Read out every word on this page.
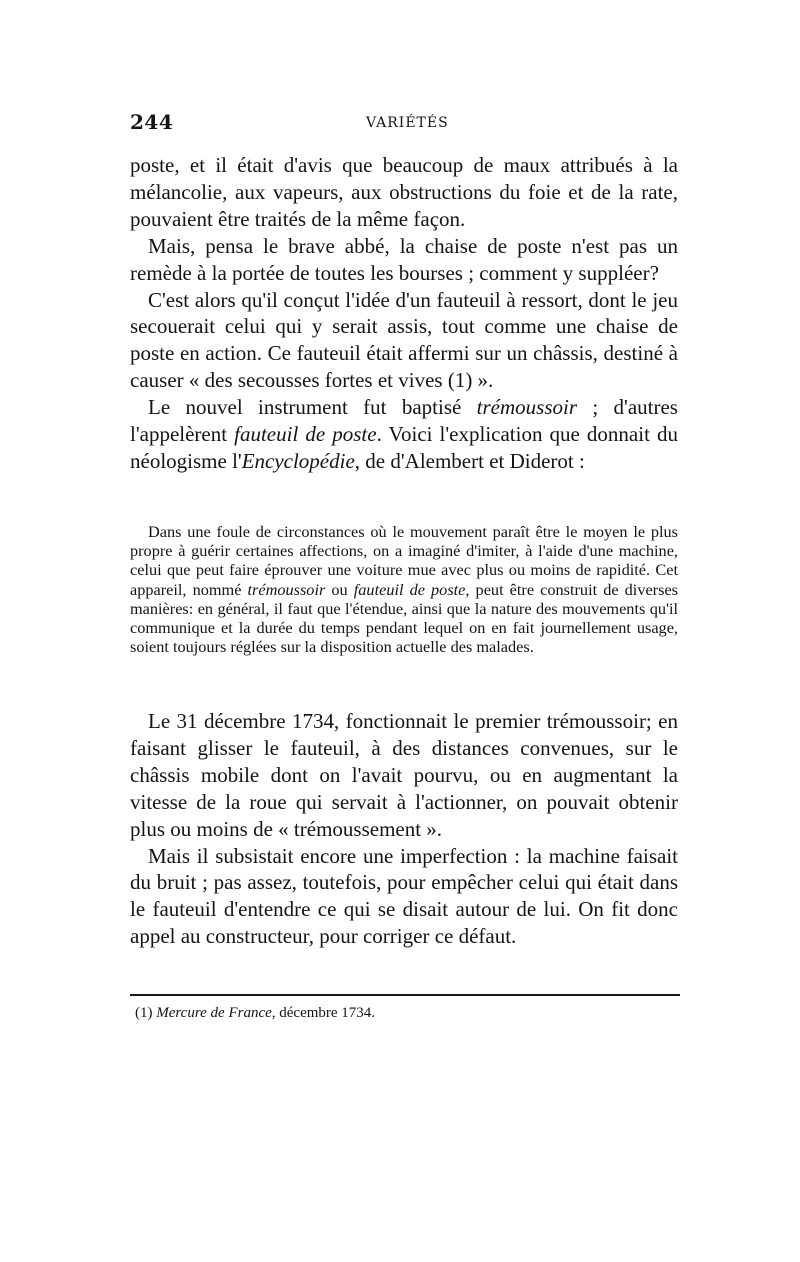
244	VARIÉTÉS

poste, et il était d'avis que beaucoup de maux attribués à la mélancolie, aux vapeurs, aux obstructions du foie et de la rate, pouvaient être traités de la même façon.

Mais, pensa le brave abbé, la chaise de poste n'est pas un remède à la portée de toutes les bourses ; comment y suppléer?

C'est alors qu'il conçut l'idée d'un fauteuil à ressort, dont le jeu secouerait celui qui y serait assis, tout comme une chaise de poste en action. Ce fauteuil était affermi sur un châssis, destiné à causer « des secousses fortes et vives (1) ».

Le nouvel instrument fut baptisé trémoussoir ; d'autres l'appelèrent fauteuil de poste. Voici l'explication que donnait du néologisme l'Encyclopédie, de d'Alembert et Diderot :

Dans une foule de circonstances où le mouvement paraît être le moyen le plus propre à guérir certaines affections, on a imaginé d'imiter, à l'aide d'une machine, celui que peut faire éprouver une voiture mue avec plus ou moins de rapidité. Cet appareil, nommé trémoussoir ou fauteuil de poste, peut être construit de diverses manières: en général, il faut que l'étendue, ainsi que la nature des mouvements qu'il communique et la durée du temps pendant lequel on en fait journellement usage, soient toujours réglées sur la disposition actuelle des malades.

Le 31 décembre 1734, fonctionnait le premier trémoussoir; en faisant glisser le fauteuil, à des distances convenues, sur le châssis mobile dont on l'avait pourvu, ou en augmentant la vitesse de la roue qui servait à l'actionner, on pouvait obtenir plus ou moins de « trémoussement ».

Mais il subsistait encore une imperfection : la machine faisait du bruit ; pas assez, toutefois, pour empêcher celui qui était dans le fauteuil d'entendre ce qui se disait autour de lui. On fit donc appel au constructeur, pour corriger ce défaut.

(1) Mercure de France, décembre 1734.
